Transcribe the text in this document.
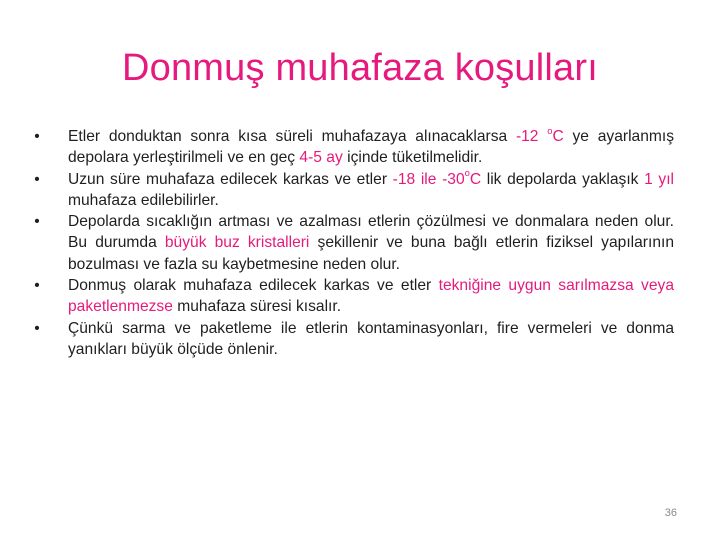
Donmuş muhafaza koşulları
• Etler donduktan sonra kısa süreli muhafazaya alınacaklarsa -12 $^o$C ye ayarlanmış depolara yerleştirilmeli ve en geç 4-5 ay içinde tüketilmelidir.
• Uzun süre muhafaza edilecek karkas ve etler -18 ile -30$^o$C lik depolarda yaklaşık 1 yıl muhafaza edilebilirler.
• Depolarda sıcaklığın artması ve azalması etlerin çözülmesi ve donmalara neden olur. Bu durumda büyük buz kristalleri şekillenir ve buna bağlı etlerin fiziksel yapılarının bozulması ve fazla su kaybetmesine neden olur.
• Donmuş olarak muhafaza edilecek karkas ve etler tekniğine uygun sarılmazsa veya paketlenmezse muhafaza süresi kısalır.
• Çünkü sarma ve paketleme ile etlerin kontaminasyonları, fire vermeleri ve donma yanıkları büyük ölçüde önlenir.
36
